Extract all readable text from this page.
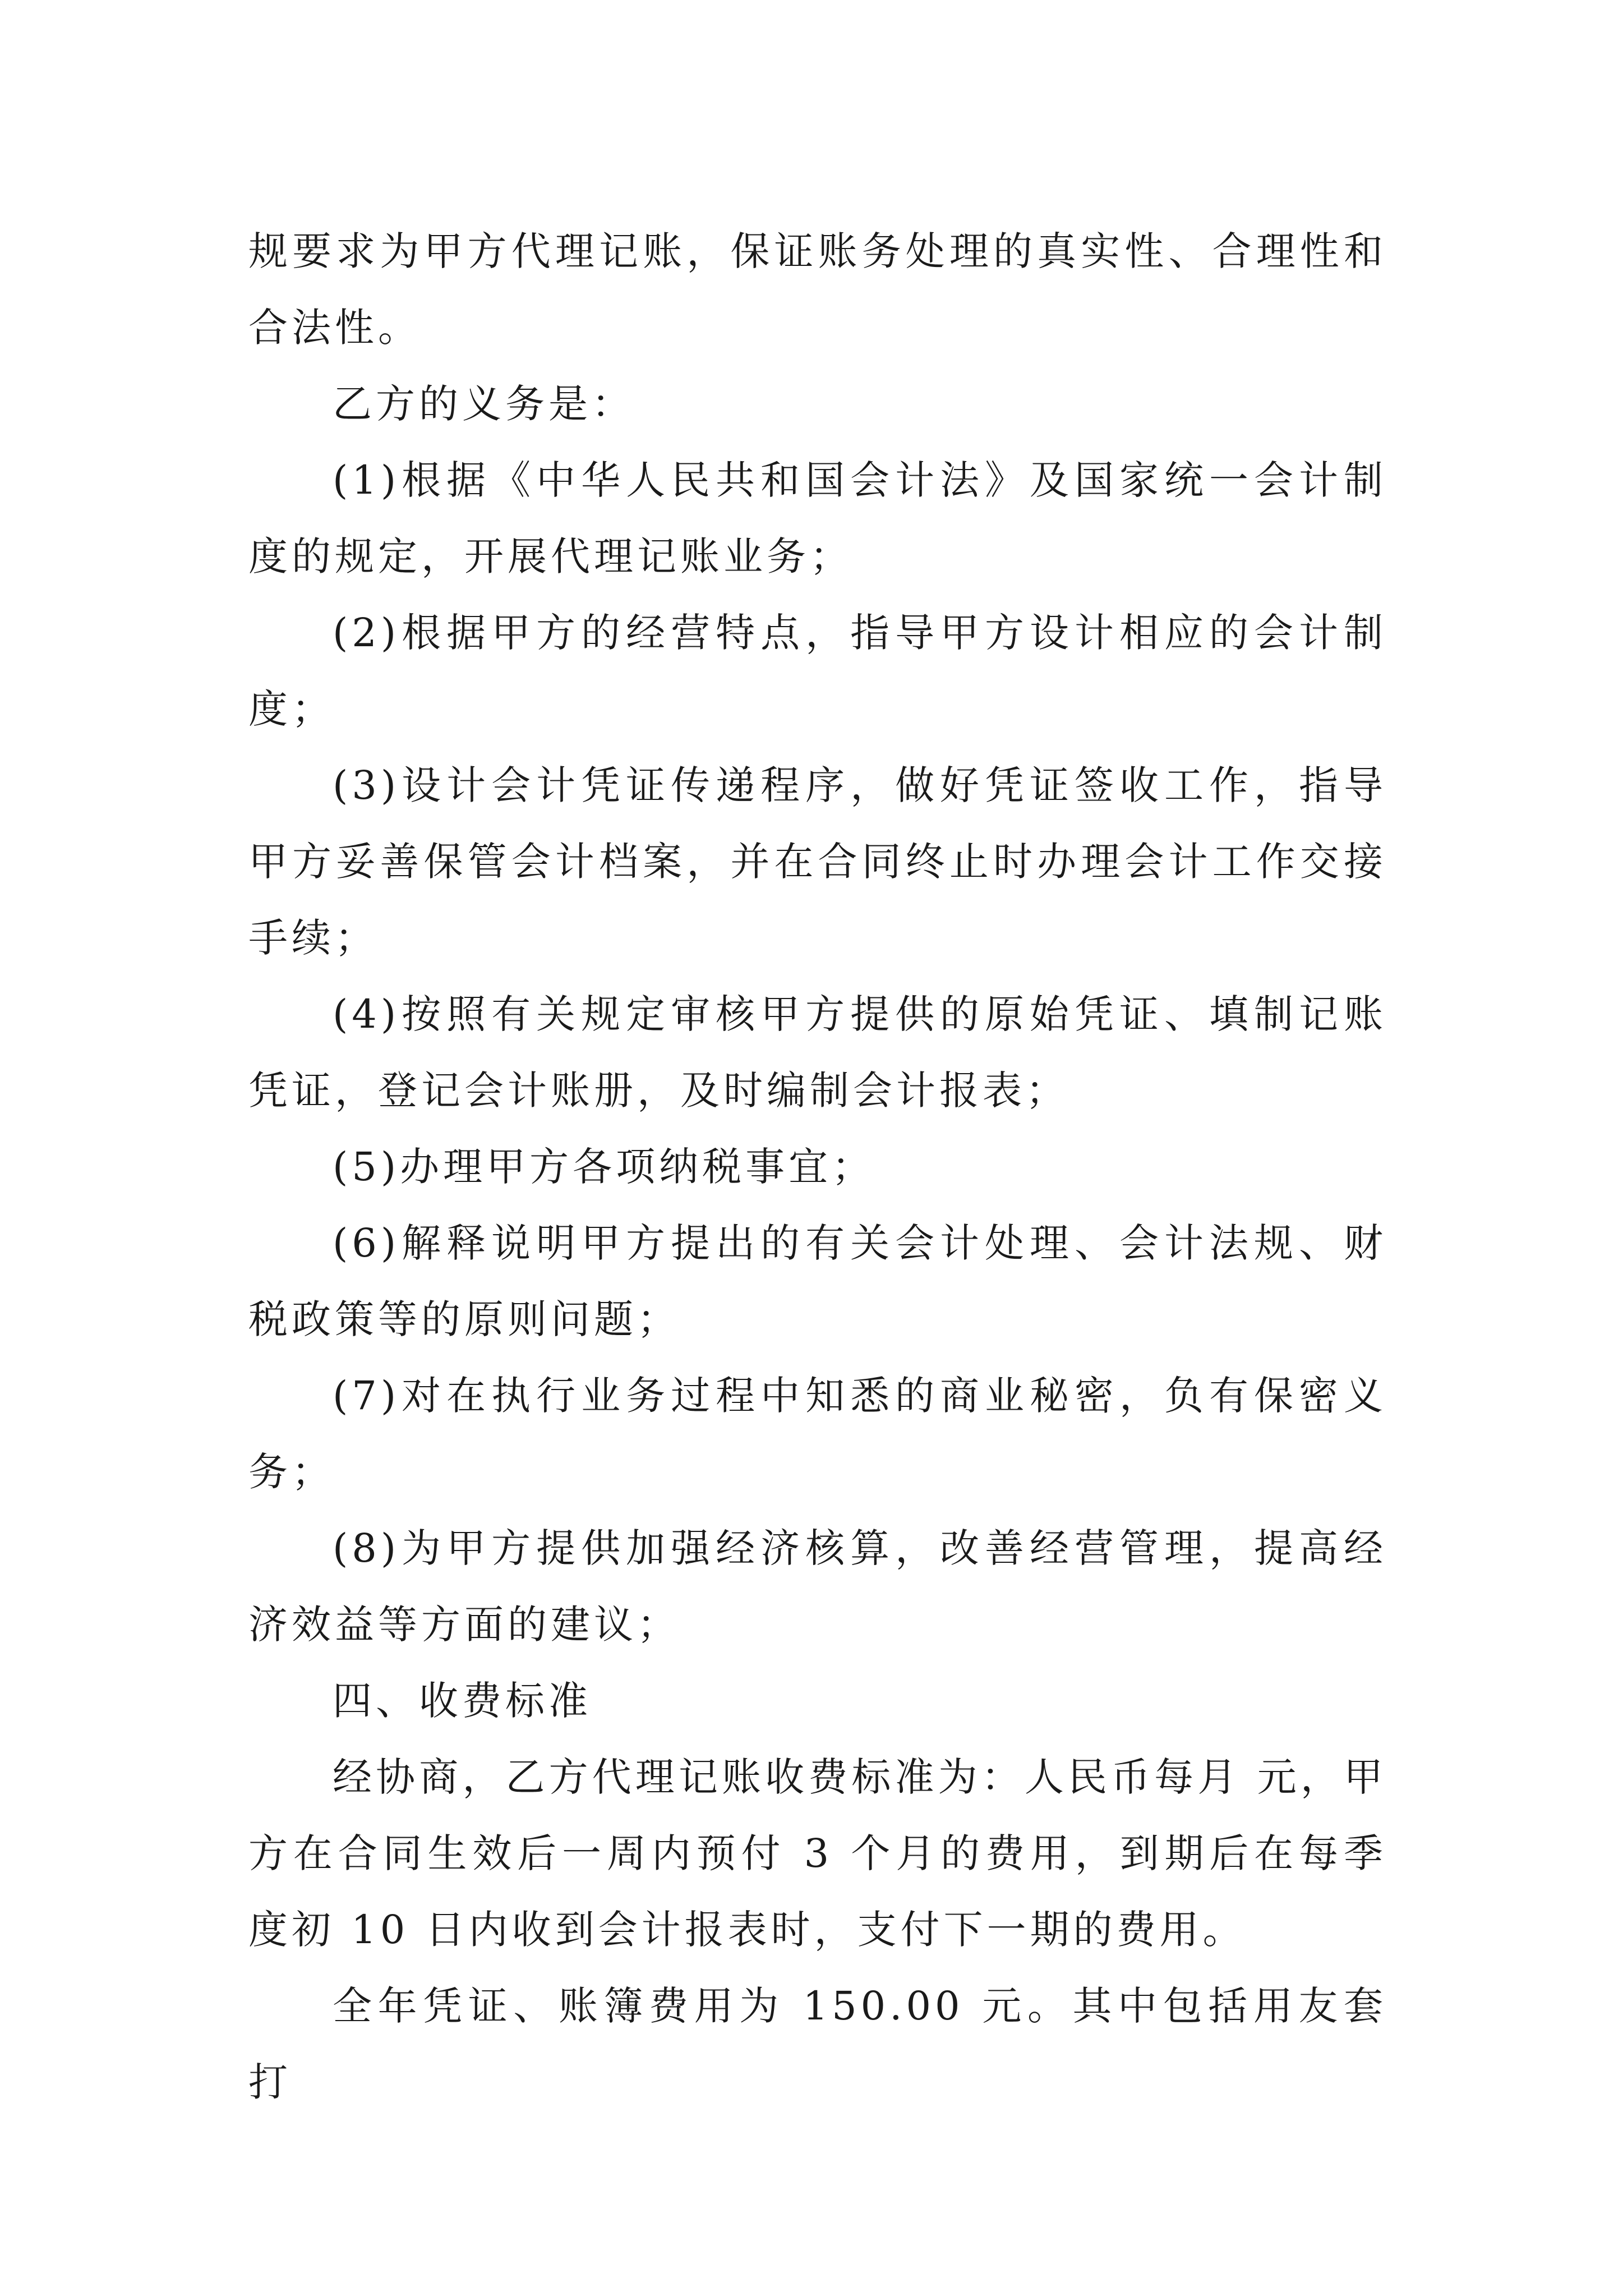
规要求为甲方代理记账，保证账务处理的真实性、合理性和合法性。

乙方的义务是：

(1)根据《中华人民共和国会计法》及国家统一会计制度的规定，开展代理记账业务；

(2)根据甲方的经营特点，指导甲方设计相应的会计制度；

(3)设计会计凭证传递程序，做好凭证签收工作，指导甲方妥善保管会计档案，并在合同终止时办理会计工作交接手续；

(4)按照有关规定审核甲方提供的原始凭证、填制记账凭证，登记会计账册，及时编制会计报表；

(5)办理甲方各项纳税事宜；

(6)解释说明甲方提出的有关会计处理、会计法规、财税政策等的原则问题；

(7)对在执行业务过程中知悉的商业秘密，负有保密义务；

(8)为甲方提供加强经济核算，改善经营管理，提高经济效益等方面的建议；

四、收费标准

经协商，乙方代理记账收费标准为：人民币每月 元，甲方在合同生效后一周内预付 3 个月的费用，到期后在每季度初 10 日内收到会计报表时，支付下一期的费用。

全年凭证、账簿费用为 150.00 元。其中包括用友套打
